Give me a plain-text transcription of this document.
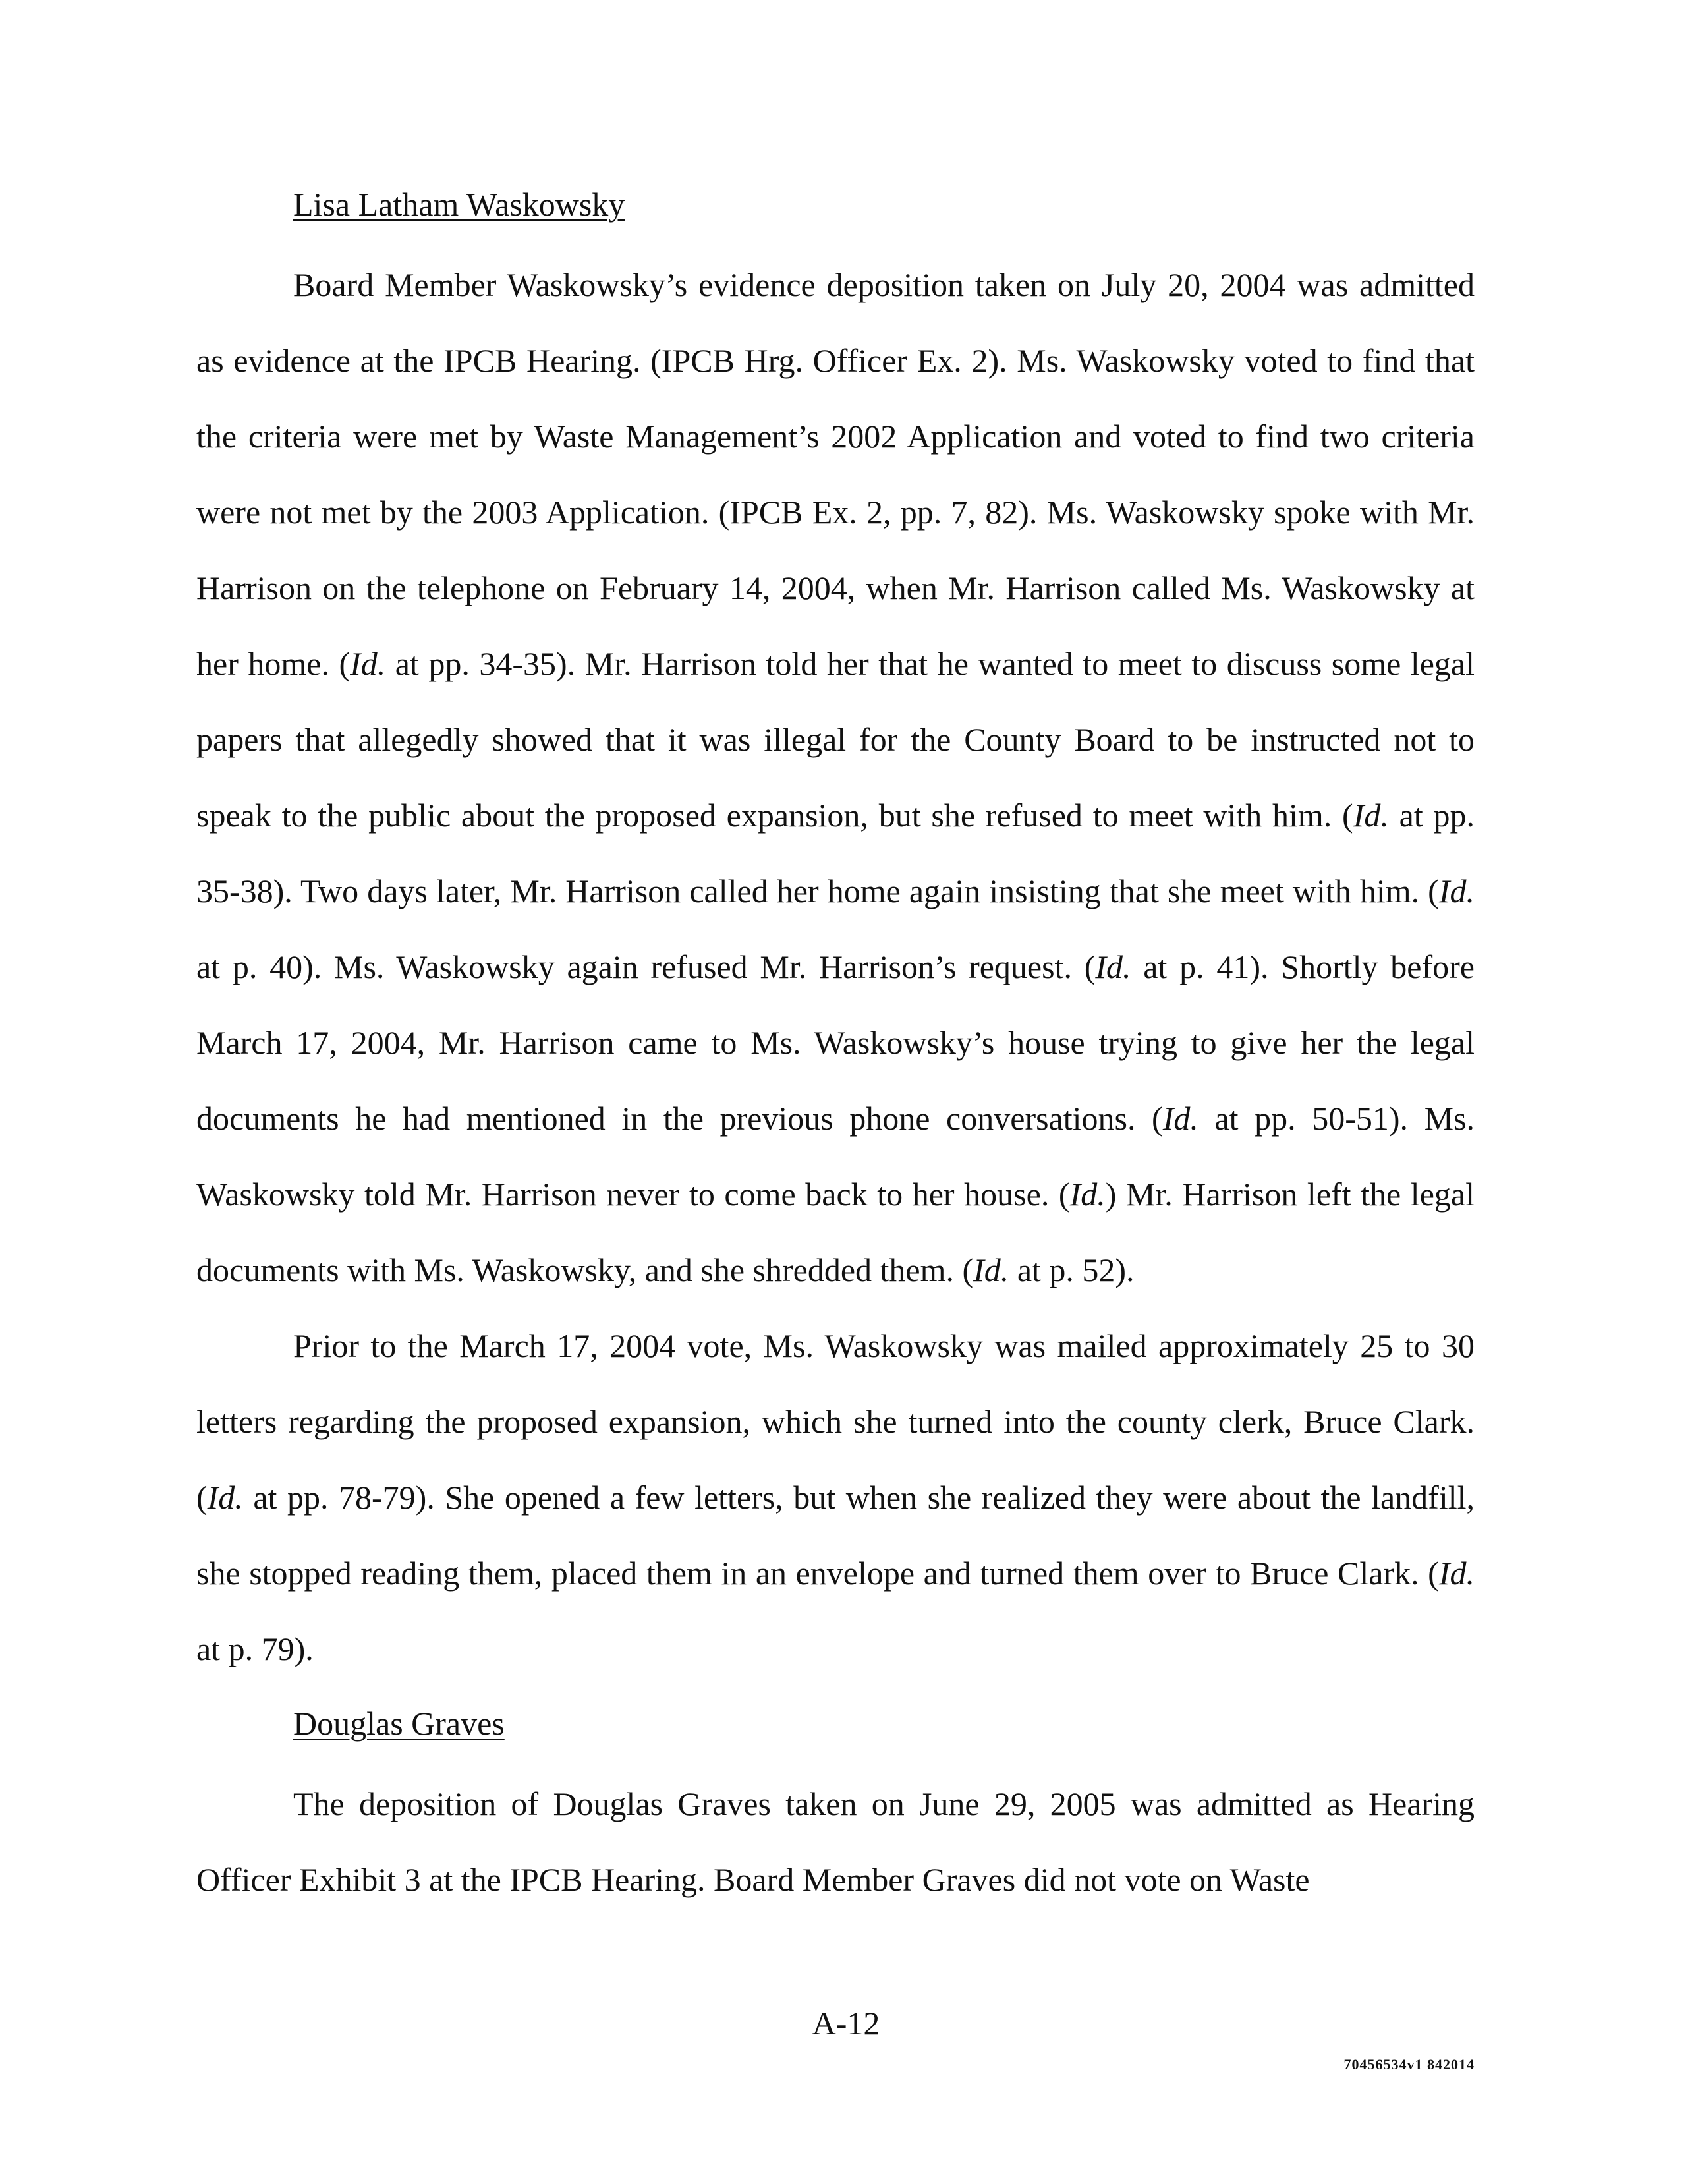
Lisa Latham Waskowsky

Board Member Waskowsky’s evidence deposition taken on July 20, 2004 was admitted as evidence at the IPCB Hearing. (IPCB Hrg. Officer Ex. 2). Ms. Waskowsky voted to find that the criteria were met by Waste Management’s 2002 Application and voted to find two criteria were not met by the 2003 Application. (IPCB Ex. 2, pp. 7, 82). Ms. Waskowsky spoke with Mr. Harrison on the telephone on February 14, 2004, when Mr. Harrison called Ms. Waskowsky at her home. (Id. at pp. 34-35). Mr. Harrison told her that he wanted to meet to discuss some legal papers that allegedly showed that it was illegal for the County Board to be instructed not to speak to the public about the proposed expansion, but she refused to meet with him. (Id. at pp. 35-38). Two days later, Mr. Harrison called her home again insisting that she meet with him. (Id. at p. 40). Ms. Waskowsky again refused Mr. Harrison’s request. (Id. at p. 41). Shortly before March 17, 2004, Mr. Harrison came to Ms. Waskowsky’s house trying to give her the legal documents he had mentioned in the previous phone conversations. (Id. at pp. 50-51). Ms. Waskowsky told Mr. Harrison never to come back to her house. (Id.) Mr. Harrison left the legal documents with Ms. Waskowsky, and she shredded them. (Id. at p. 52).

Prior to the March 17, 2004 vote, Ms. Waskowsky was mailed approximately 25 to 30 letters regarding the proposed expansion, which she turned into the county clerk, Bruce Clark. (Id. at pp. 78-79). She opened a few letters, but when she realized they were about the landfill, she stopped reading them, placed them in an envelope and turned them over to Bruce Clark. (Id. at p. 79).

Douglas Graves

The deposition of Douglas Graves taken on June 29, 2005 was admitted as Hearing Officer Exhibit 3 at the IPCB Hearing. Board Member Graves did not vote on Waste

A-12
70456534v1 842014
